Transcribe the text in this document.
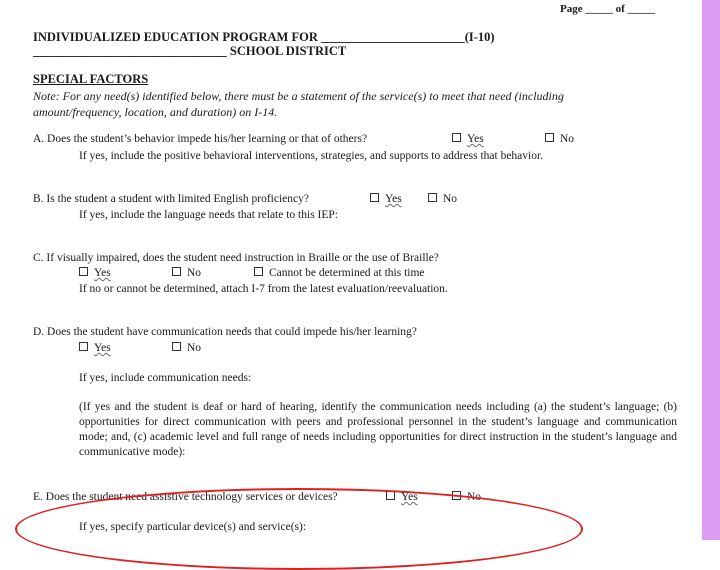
Page _____ of _____
INDIVIDUALIZED EDUCATION PROGRAM FOR _______________________(I-10)
_______________________________ SCHOOL DISTRICT
SPECIAL FACTORS
Note: For any need(s) identified below, there must be a statement of the service(s) to meet that need (including amount/frequency, location, and duration) on I-14.
A. Does the student’s behavior impede his/her learning or that of others?	Yes	No
If yes, include the positive behavioral interventions, strategies, and supports to address that behavior.
B. Is the student a student with limited English proficiency?	Yes	No
If yes, include the language needs that relate to this IEP:
C. If visually impaired, does the student need instruction in Braille or the use of Braille?
Yes	No	Cannot be determined at this time
If no or cannot be determined, attach I-7 from the latest evaluation/reevaluation.
D. Does the student have communication needs that could impede his/her learning?
Yes	No
If yes, include communication needs:
(If yes and the student is deaf or hard of hearing, identify the communication needs including (a) the student’s language; (b) opportunities for direct communication with peers and professional personnel in the student’s language and communication mode; and, (c) academic level and full range of needs including opportunities for direct instruction in the student’s language and communicative mode):
E. Does the student need assistive technology services or devices?	Yes	No
If yes, specify particular device(s) and service(s):
